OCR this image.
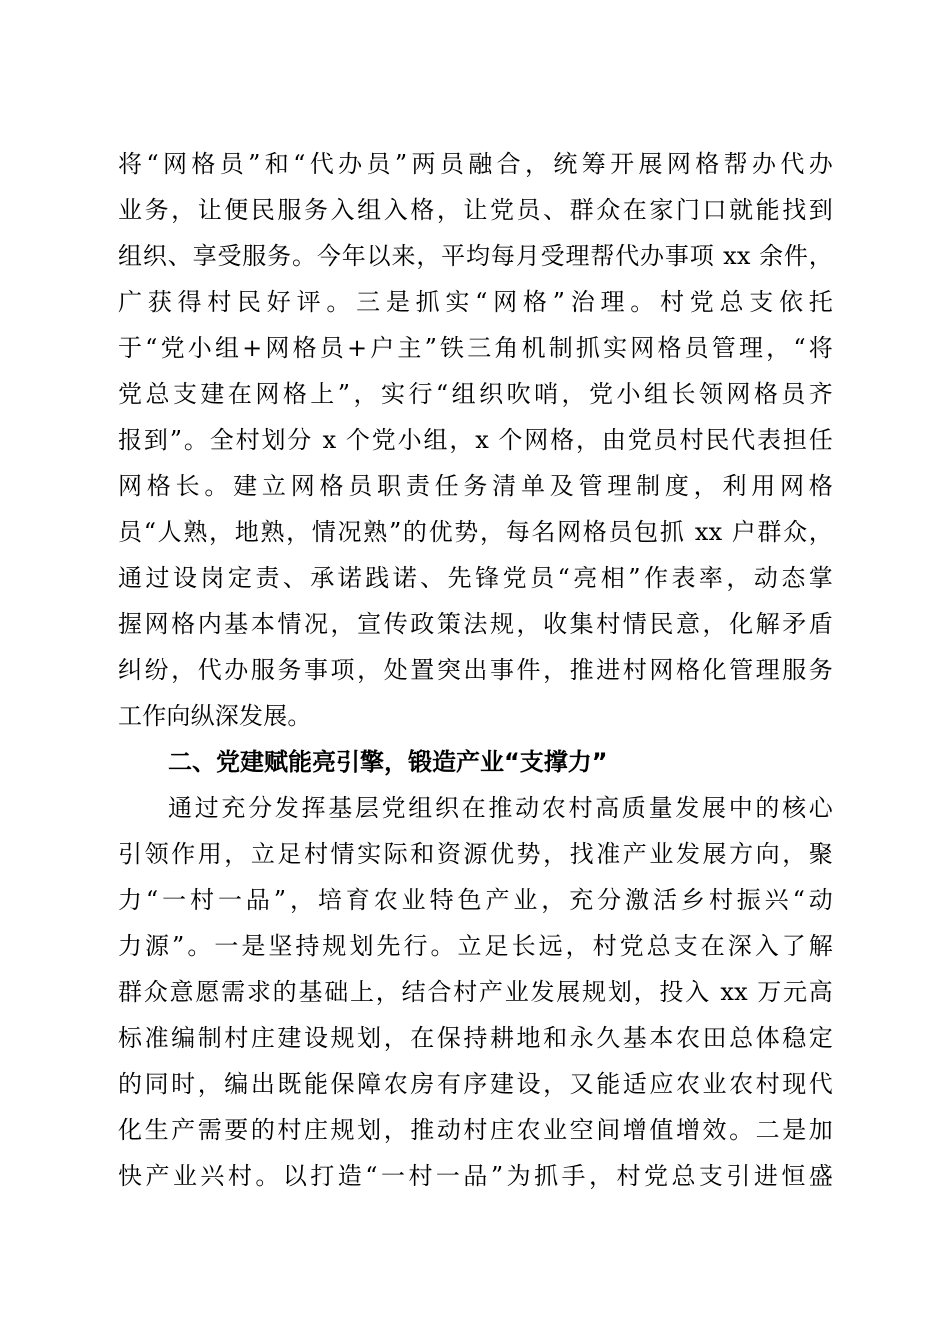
将“网格员”和“代办员”两员融合，统筹开展网格帮办代办
业务，让便民服务入组入格，让党员、群众在家门口就能找到
组织、享受服务。今年以来，平均每月受理帮代办事项 xx 余件，
广获得村民好评。三是抓实“网格”治理。村党总支依托
于“党小组+网格员+户主”铁三角机制抓实网格员管理，“将
党总支建在网格上”，实行“组织吹哨，党小组长领网格员齐
报到”。全村划分 x 个党小组，x 个网格，由党员村民代表担任
网格长。建立网格员职责任务清单及管理制度，利用网格
员“人熟，地熟，情况熟”的优势，每名网格员包抓 xx 户群众，
通过设岗定责、承诺践诺、先锋党员“亮相”作表率，动态掌
握网格内基本情况，宣传政策法规，收集村情民意，化解矛盾
纠纷，代办服务事项，处置突出事件，推进村网格化管理服务
工作向纵深发展。
二、党建赋能亮引擎，锻造产业“支撑力”
通过充分发挥基层党组织在推动农村高质量发展中的核心
引领作用，立足村情实际和资源优势，找准产业发展方向，聚
力“一村一品”，培育农业特色产业，充分激活乡村振兴“动
力源”。一是坚持规划先行。立足长远，村党总支在深入了解
群众意愿需求的基础上，结合村产业发展规划，投入 xx 万元高
标准编制村庄建设规划，在保持耕地和永久基本农田总体稳定
的同时，编出既能保障农房有序建设，又能适应农业农村现代
化生产需要的村庄规划，推动村庄农业空间增值增效。二是加
快产业兴村。以打造“一村一品”为抓手，村党总支引进恒盛
